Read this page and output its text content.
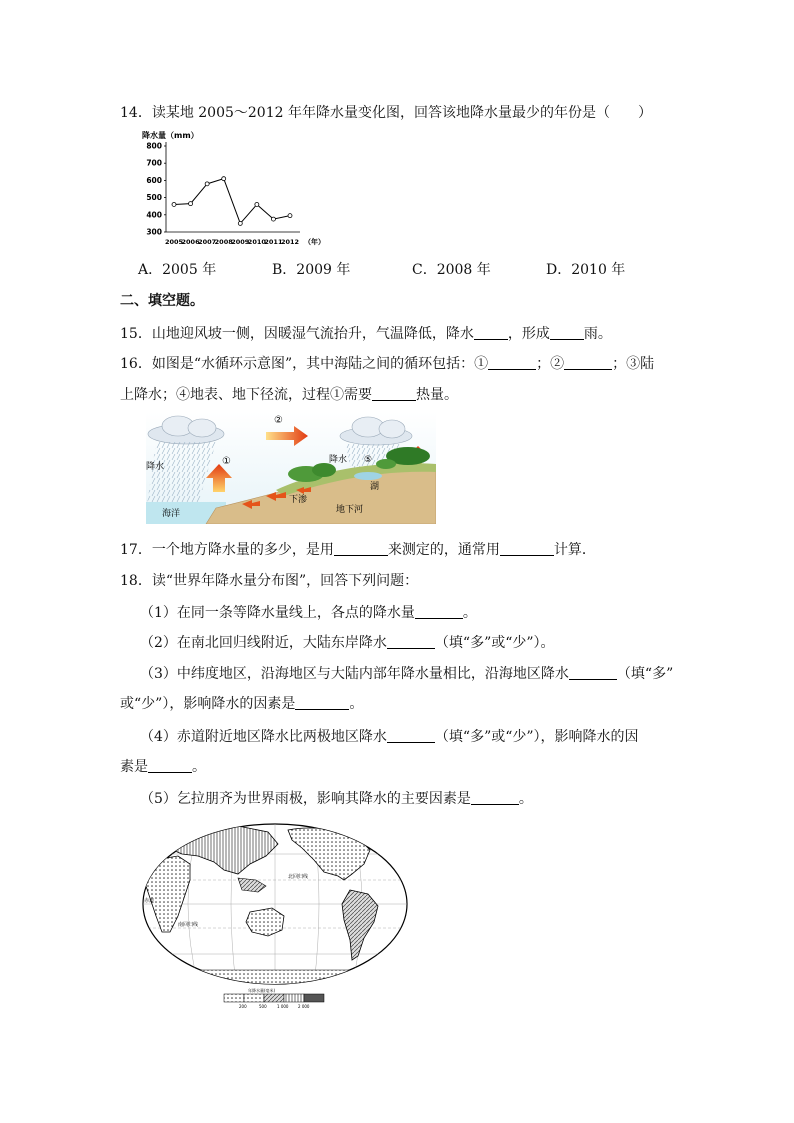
14．读某地 2005～2012 年年降水量变化图，回答该地降水量最少的年份是（　　）
降水量（mm）
300
400
500
600
700
800
2005
2006
2007
2008
2009
2010
2011
2012 （年）
A．2005 年	B．2009 年	C．2008 年	D．2010 年
二、填空题。
15．山地迎风坡一侧，因暖湿气流抬升，气温降低，降水 ，形成 雨。
16．如图是“水循环示意图”，其中海陆之间的循环包括：①	；②	；③陆
上降水；④地表、地下径流，过程①需要	热量。
降水	①
②
降水 ⑤
湖
下渗
海洋	地下河
17．一个地方降水量的多少，是用	来测定的，通常用	计算．
18．读“世界年降水量分布图”，回答下列问题：
（1）在同一条等降水量线上，各点的降水量	。
（2）在南北回归线附近，大陆东岸降水	（填“多”或“少”）。
（3）中纬度地区，沿海地区与大陆内部年降水量相比，沿海地区降水	（填“多”
或“少”），影响降水的因素是	。
（4）赤道附近地区降水比两极地区降水	（填“多”或“少”），影响降水的因
素是	。
（5）乞拉朋齐为世界雨极，影响其降水的主要因素是	。
北回归线
赤道
南回归线
年降水量(毫米)
200	500	1 000 2 000
